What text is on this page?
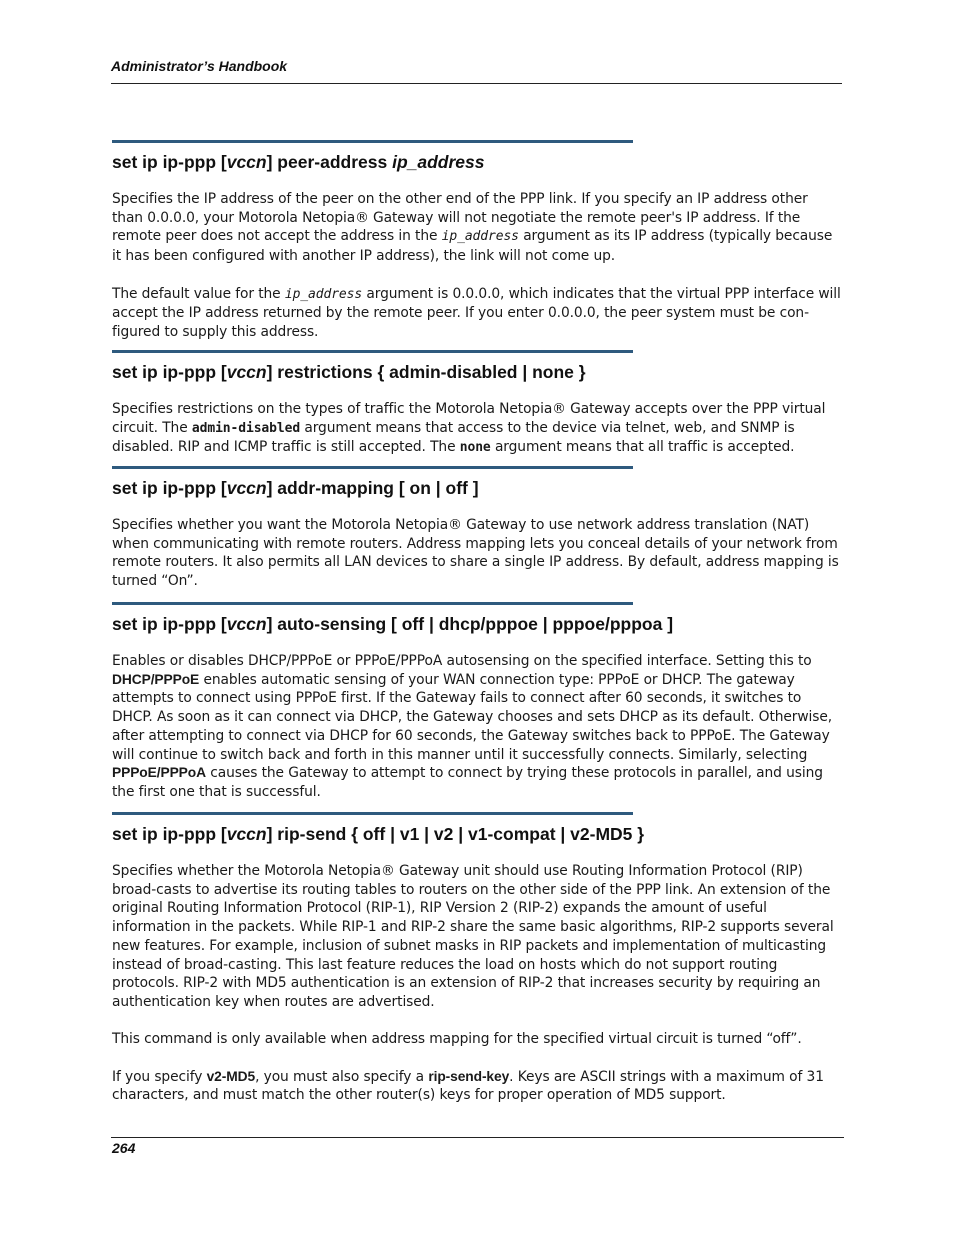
Administrator’s Handbook
set ip ip-ppp [vccn] peer-address ip_address

Specifies the IP address of the peer on the other end of the PPP link. If you specify an IP address other than 0.0.0.0, your Motorola Netopia® Gateway will not negotiate the remote peer's IP address. If the remote peer does not accept the address in the ip_address argument as its IP address (typically because it has been configured with another IP address), the link will not come up.

The default value for the ip_address argument is 0.0.0.0, which indicates that the virtual PPP interface will accept the IP address returned by the remote peer. If you enter 0.0.0.0, the peer system must be con-figured to supply this address.

set ip ip-ppp [vccn] restrictions { admin-disabled | none }

Specifies restrictions on the types of traffic the Motorola Netopia® Gateway accepts over the PPP virtual circuit. The admin-disabled argument means that access to the device via telnet, web, and SNMP is disabled. RIP and ICMP traffic is still accepted. The none argument means that all traffic is accepted.

set ip ip-ppp [vccn] addr-mapping [ on | off ]

Specifies whether you want the Motorola Netopia® Gateway to use network address translation (NAT) when communicating with remote routers. Address mapping lets you conceal details of your network from remote routers. It also permits all LAN devices to share a single IP address. By default, address mapping is turned “On”.

set ip ip-ppp [vccn] auto-sensing [ off | dhcp/pppoe | pppoe/pppoa ]

Enables or disables DHCP/PPPoE or PPPoE/PPPoA autosensing on the specified interface. Setting this to DHCP/PPPoE enables automatic sensing of your WAN connection type: PPPoE or DHCP. The gateway attempts to connect using PPPoE first. If the Gateway fails to connect after 60 seconds, it switches to DHCP. As soon as it can connect via DHCP, the Gateway chooses and sets DHCP as its default. Otherwise, after attempting to connect via DHCP for 60 seconds, the Gateway switches back to PPPoE. The Gateway will continue to switch back and forth in this manner until it successfully connects. Similarly, selecting PPPoE/PPPoA causes the Gateway to attempt to connect by trying these protocols in parallel, and using the first one that is successful.

set ip ip-ppp [vccn] rip-send { off | v1 | v2 | v1-compat | v2-MD5 }

Specifies whether the Motorola Netopia® Gateway unit should use Routing Information Protocol (RIP) broad-casts to advertise its routing tables to routers on the other side of the PPP link. An extension of the original Routing Information Protocol (RIP-1), RIP Version 2 (RIP-2) expands the amount of useful information in the packets. While RIP-1 and RIP-2 share the same basic algorithms, RIP-2 supports several new features. For example, inclusion of subnet masks in RIP packets and implementation of multicasting instead of broad-casting. This last feature reduces the load on hosts which do not support routing protocols. RIP-2 with MD5 authentication is an extension of RIP-2 that increases security by requiring an authentication key when routes are advertised.

This command is only available when address mapping for the specified virtual circuit is turned “off”.

If you specify v2-MD5, you must also specify a rip-send-key. Keys are ASCII strings with a maximum of 31 characters, and must match the other router(s) keys for proper operation of MD5 support.

264
